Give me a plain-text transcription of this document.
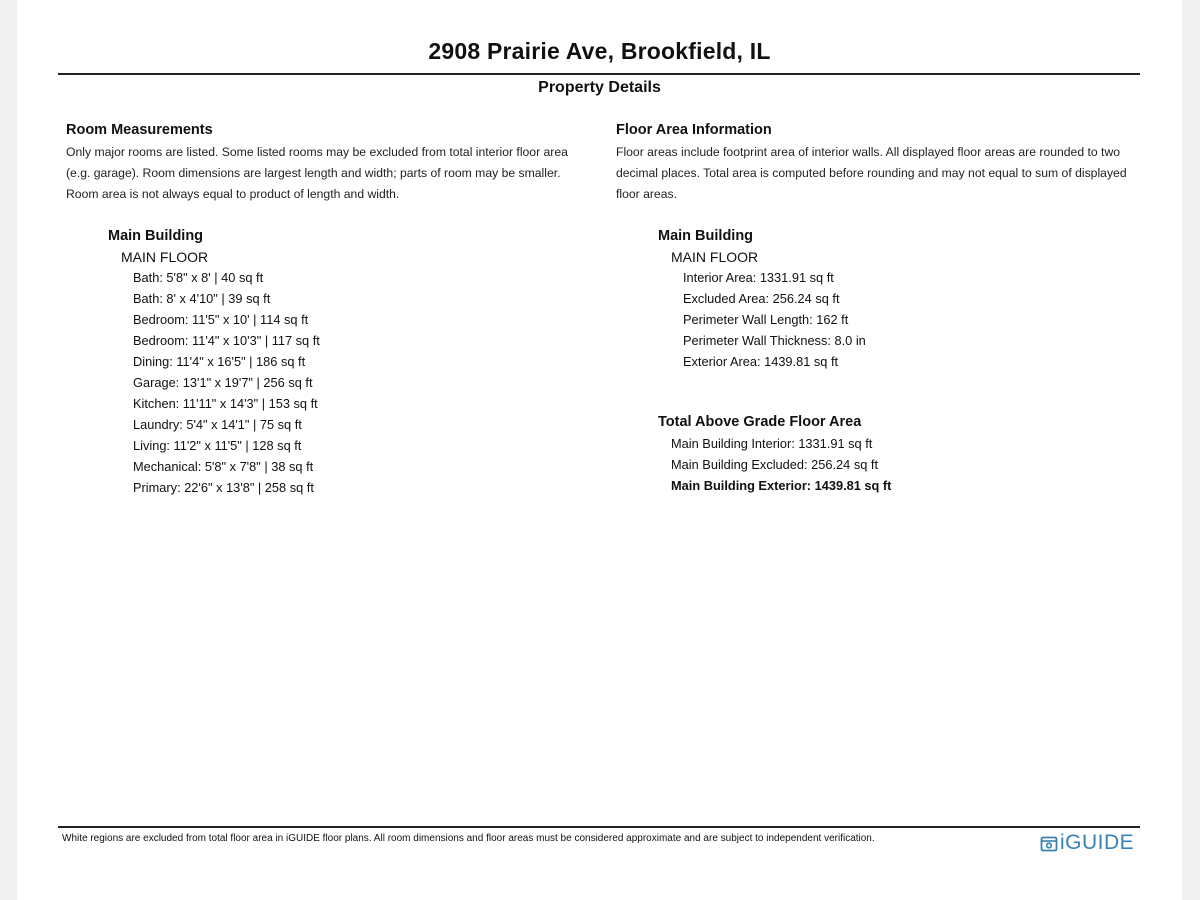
2908 Prairie Ave, Brookfield, IL
Property Details
Room Measurements
Only major rooms are listed. Some listed rooms may be excluded from total interior floor area
(e.g. garage). Room dimensions are largest length and width; parts of room may be smaller.
Room area is not always equal to product of length and width.
Main Building
MAIN FLOOR
Bath: 5'8" x 8' | 40 sq ft
Bath: 8' x 4'10" | 39 sq ft
Bedroom: 11'5" x 10' | 114 sq ft
Bedroom: 11'4" x 10'3" | 117 sq ft
Dining: 11'4" x 16'5" | 186 sq ft
Garage: 13'1" x 19'7" | 256 sq ft
Kitchen: 11'11" x 14'3" | 153 sq ft
Laundry: 5'4" x 14'1" | 75 sq ft
Living: 11'2" x 11'5" | 128 sq ft
Mechanical: 5'8" x 7'8" | 38 sq ft
Primary: 22'6" x 13'8" | 258 sq ft
Floor Area Information
Floor areas include footprint area of interior walls. All displayed floor areas are rounded to two
decimal places. Total area is computed before rounding and may not equal to sum of displayed
floor areas.
Main Building
MAIN FLOOR
Interior Area: 1331.91 sq ft
Excluded Area: 256.24 sq ft
Perimeter Wall Length: 162 ft
Perimeter Wall Thickness: 8.0 in
Exterior Area: 1439.81 sq ft
Total Above Grade Floor Area
Main Building Interior: 1331.91 sq ft
Main Building Excluded: 256.24 sq ft
Main Building Exterior: 1439.81 sq ft
White regions are excluded from total floor area in iGUIDE floor plans. All room dimensions and floor areas must be considered approximate and are subject to independent verification.	iGUIDE
